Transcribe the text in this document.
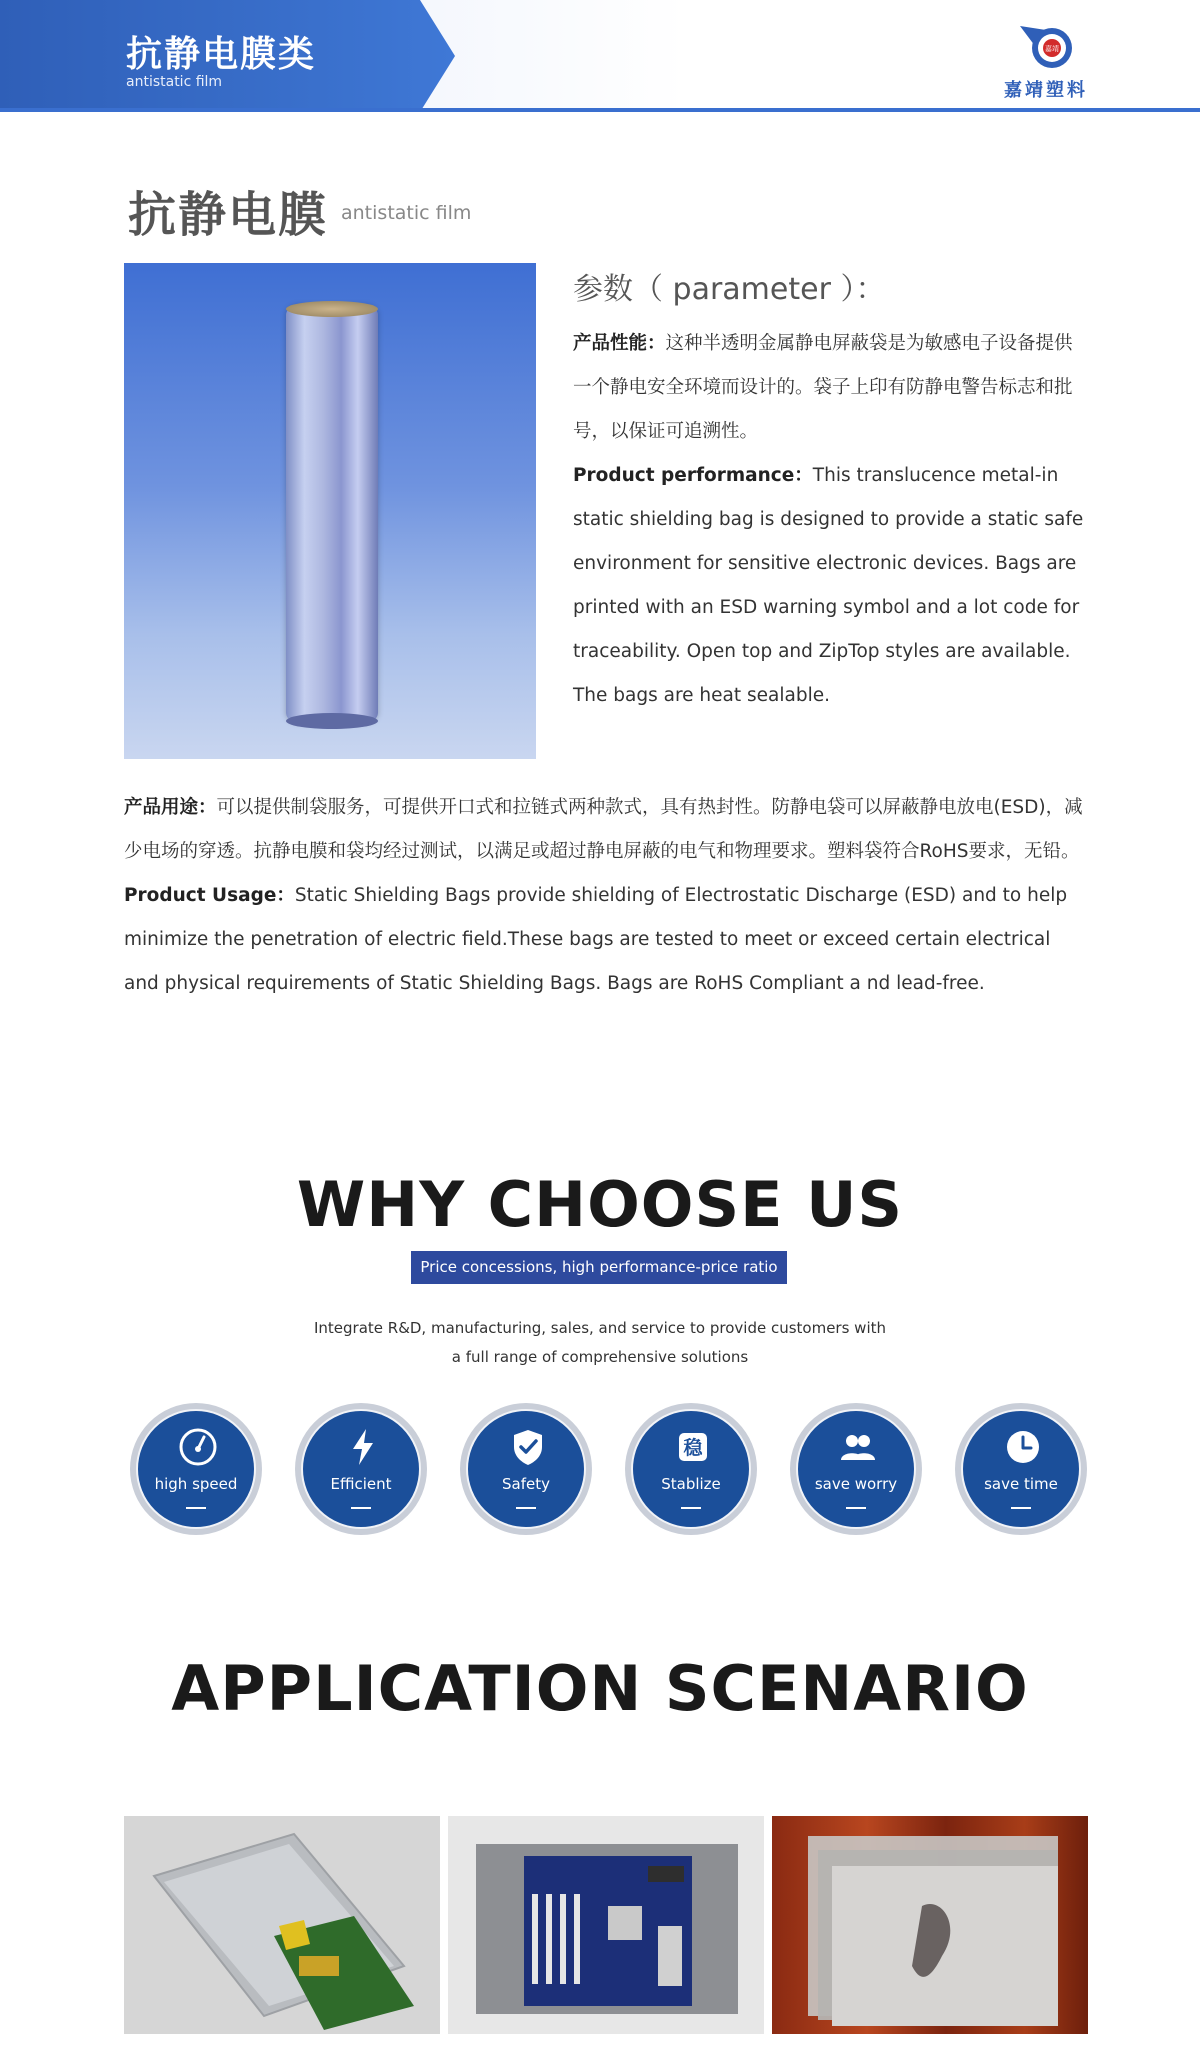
抗静电膜类
antistatic film
嘉靖
嘉靖塑料
抗静电膜 antistatic film
参数（ parameter ）：
产品性能：这种半透明金属静电屏蔽袋是为敏感电子设备提供一个静电安全环境而设计的。袋子上印有防静电警告标志和批号，以保证可追溯性。
Product performance：This translucence metal-in static shielding bag is designed to provide a static safe environment for sensitive electronic devices. Bags are printed with an ESD warning symbol and a lot code for traceability. Open top and ZipTop styles are available. The bags are heat sealable.
产品用途：可以提供制袋服务，可提供开口式和拉链式两种款式，具有热封性。防静电袋可以屏蔽静电放电(ESD)，减少电场的穿透。抗静电膜和袋均经过测试，以满足或超过静电屏蔽的电气和物理要求。塑料袋符合RoHS要求，无铅。
Product Usage：Static Shielding Bags provide shielding of Electrostatic Discharge (ESD) and to help minimize the penetration of electric field.These bags are tested to meet or exceed certain electrical and physical requirements of Static Shielding Bags. Bags are RoHS Compliant a nd lead-free.
WHY CHOOSE US
Price concessions, high performance-price ratio
Integrate R&D, manufacturing, sales, and service to provide customers with
a full range of comprehensive solutions
high speed	Efficient	Safety
稳
Stablize	save worry	save time
APPLICATION SCENARIO
